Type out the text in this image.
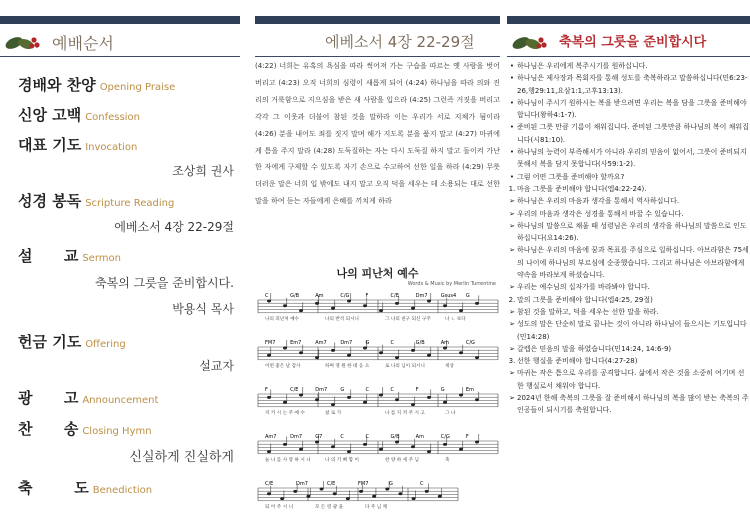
예배순서
경배와 찬양 Opening Praise
신앙 고백 Confession
대표 기도 Invocation
조상희 권사
성경 봉독 Scripture Reading
에베소서 4장 22-29절
설      교 Sermon
축복의 그릇을 준비합시다.
박용식 목사
헌금 기도 Offering
설교자
광      고 Announcement
찬      송 Closing Hymn
신실하게 진실하게
축        도 Benediction
에베소서 4장 22-29절
(4:22) 너희는 유혹의 욕심을 따라 썩어져 가는 구습을 따르는 옛 사람을 벗어 버리고 (4:23) 오직 너희의 심령이 새롭게 되어 (4:24) 하나님을 따라 의와 진리의 거룩함으로 지으심을 받은 새 사람을 입으라 (4:25) 그런즉 거짓을 버리고 각각 그 이웃과 더불어 참된 것을 말하라 이는 우리가 서로 지체가 됨이라 (4:26) 분을 내어도 죄를 짓지 말며 해가 지도록 분을 품지 말고 (4:27) 마귀에게 틈을 주지 말라 (4:28) 도둑질하는 자는 다시 도둑질 하지 말고 돌이켜 가난한 자에게 구제할 수 있도록 자기 손으로 수고하여 선한 일을 하라 (4:29) 무릇 더러운 말은 너희 입 밖에도 내지 말고 오직 덕을 세우는 데 소용되는 대로 선한 말을 하여 듣는 자들에게 은혜를 끼치게 하라
나의 피난처 예수
Words & Music by Merlin Turrentine
C	G/B	Am	C/G	F	C/E	Dm7	Gsus4 G
나의 피난처 예수	나의 반석 되시니	그 나의 친구 되신 구주	나 ㄴ 보다
FM7	Em7	Am7	Dm7	G	C	G/B	Am	C/G
어떤 좋은 날 감사	하며 영 원 한 대 응 으	로 나의 님이 되시니	세상
F	C/E	Dm7	G	C	C	F	G	Em
지 키 시 는 주 예 수	살 로 가	나 를 지 켜 주 시 고	그 나
Am7	Dm7	G7	C	C	G/B	Am	C/G	F
늘 나 를 사 랑 하 시 니	나 의 기 뻐 함 이	찬 양 하 세 주 님	축
C/E	Dm7	C/E	FM7	G	C
되 어 주 시 니	모 든 영 광 을	다 주 님 께
축복의 그릇을 준비합시다
• 하나님은 우리에게 복주시기를 원하십니다.
• 하나님은 제사장과 목회자를 통해 성도를 축복하라고 말씀하십니다(민6:23-26,행29:11,요삼1:1,고후13:13).
• 하나님이 주시기 원하시는 복을 받으려면 우리는 복을 담을 그릇을 준비해야 합니다(왕하4:1-7).
• 준비된 그릇 만큼 기름이 채워집니다. 준비된 그릇만큼 하나님의 복이 채워집니다(시81:10).
• 하나님의 능력이 부족해서가 아니라 우리의 믿음이 없어서, 그릇이 준비되지 못해서 복을 담지 못합니다(사59:1-2).
• 그럼 어떤 그릇을 준비해야 할까요?
1. 마음 그릇을 준비해야 합니다(엡4:22-24).
➢ 하나님은 우리의 마음과 생각을 통해서 역사하십니다.
➢ 우리의 마음과 생각은 성경을 통해서 바꿀 수 있습니다.
➢ 하나님의 말씀으로 채울 때 성령님은 우리의 생각을 하나님의 말씀으로 인도하십니다(요14:26).
➢ 하나님은 우리의 마음에 꿈과 목표를 주심으로 일하십니다. 아브라함은 75세의 나이에 하나님의 부르심에 순종했습니다. 그리고 하나님은 아브라함에게 약속을 바라보게 하셨습니다.
➢ 우리는 예수님의 십자가를 바라봐야 합니다.
2. 말의 그릇을 준비해야 합니다(엡4:25, 29절)
➢ 참된 것을 말하고, 덕을 세우는 선한 말을 하라.
➢ 성도의 말은 단순히 말로 끝나는 것이 아니라 하나님이 들으시는 기도입니다(민14:28)
➢ 갈렙은 믿음의 말을 하였습니다(민14:24, 14:6-9)
3. 선한 행실을 준비해야 합니다(4:27-28)
➢ 마귀는 작은 틈으로 우리를 공격합니다. 삶에서 작은 것을 소중히 여기며 선한 행실로서 채워야 합니다.
➢ 2024년 한해 축복의 그릇을 잘 준비해서 하나님의 복을 많이 받는 축복의 주인공들이 되시기를 축원합니다.
